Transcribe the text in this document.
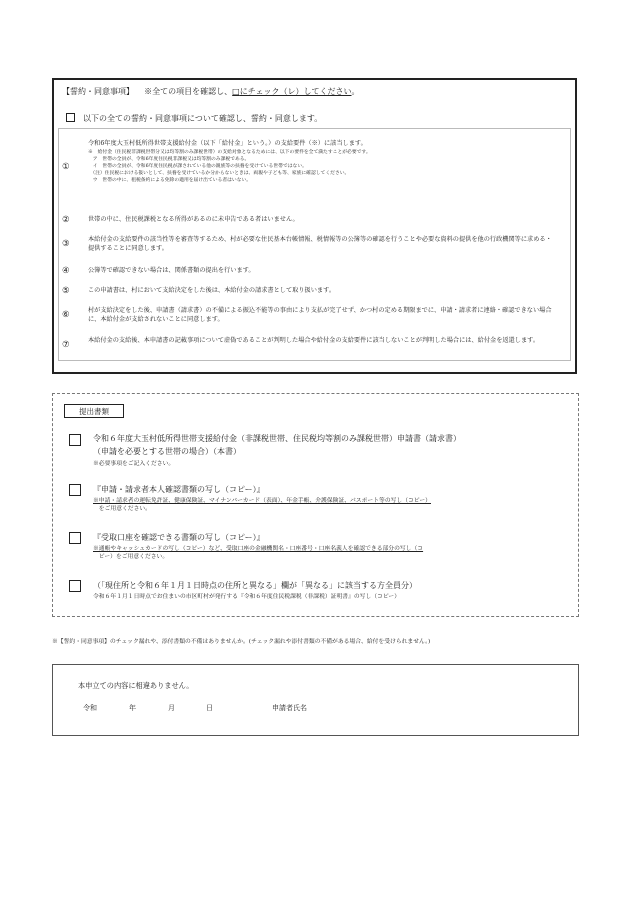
【誓約・同意事項】 ※全ての項目を確認し、□にチェック（レ）してください。
以下の全ての誓約・同意事項について確認し、誓約・同意します。
①
令和6年度大玉村低所得世帯支援給付金（以下「給付金」という。）の支給要件（※）に該当します。
※　給付金（住民税非課税世帯分又は均等割のみ課税世帯）の支給対象となるためには、以下の要件を全て満たすことが必要です。
　ア　世帯の全員が、令和6年度住民税非課税又は均等割のみ課税である。
　イ　世帯の全員が、令和6年度住民税が課されている他の親族等の扶養を受けている世帯ではない。
　（注）住民税における扱いとして、扶養を受けているか分からないときは、両親や子ども等、家族に確認してください。
　ウ　世帯の中に、租税条約による免除の適用を届け出ている者はいない。
②	世帯の中に、住民税課税となる所得があるのに未申告である者はいません。
③	本給付金の支給要件の該当性等を審査等するため、村が必要な住民基本台帳情報、税情報等の公簿等の確認を行うことや必要な資料の提供を他の行政機関等に求める・提供することに同意します。
④	公簿等で確認できない場合は、関係書類の提出を行います。
⑤	この申請書は、村において支給決定をした後は、本給付金の請求書として取り扱います。
⑥	村が支給決定をした後、申請書（請求書）の不備による振込不能等の事由により支払が完了せず、かつ村の定める期限までに、申請・請求者に連絡・確認できない場合に、本給付金が支給されないことに同意します。
⑦	本給付金の支給後、本申請書の記載事項について虚偽であることが判明した場合や給付金の支給要件に該当しないことが判明した場合には、給付金を返還します。
提出書類
令和６年度大玉村低所得世帯支援給付金（非課税世帯、住民税均等割のみ課税世帯）申請書（請求書）
（申請を必要とする世帯の場合）（本書）
※必要事項をご記入ください。
『申請・請求者本人確認書類の写し（コピー）』
※申請・請求者の運転免許証、健康保険証、マイナンバーカード（表面）、年金手帳、介護保険証、パスポート等の写し（コピー）
　をご用意ください。
『受取口座を確認できる書類の写し（コピー）』
※通帳やキャッシュカードの写し（コピー）など、受取口座の金融機関名・口座番号・口座名義人を確認できる部分の写し（コ
　ピー）をご用意ください。
（「現住所と令和６年１月１日時点の住所と異なる」欄が「異なる」に該当する方全員分）
令和６年１月１日時点でお住まいの市区町村が発行する『令和６年度住民税課税（非課税）証明書』の写し（コピー）
※【誓約・同意事項】のチェック漏れや、添付書類の不備はありませんか。(チェック漏れや添付書類の不備がある場合、給付を受けられません。)
本申立ての内容に相違ありません。
令和	年	月	日	申請者氏名
